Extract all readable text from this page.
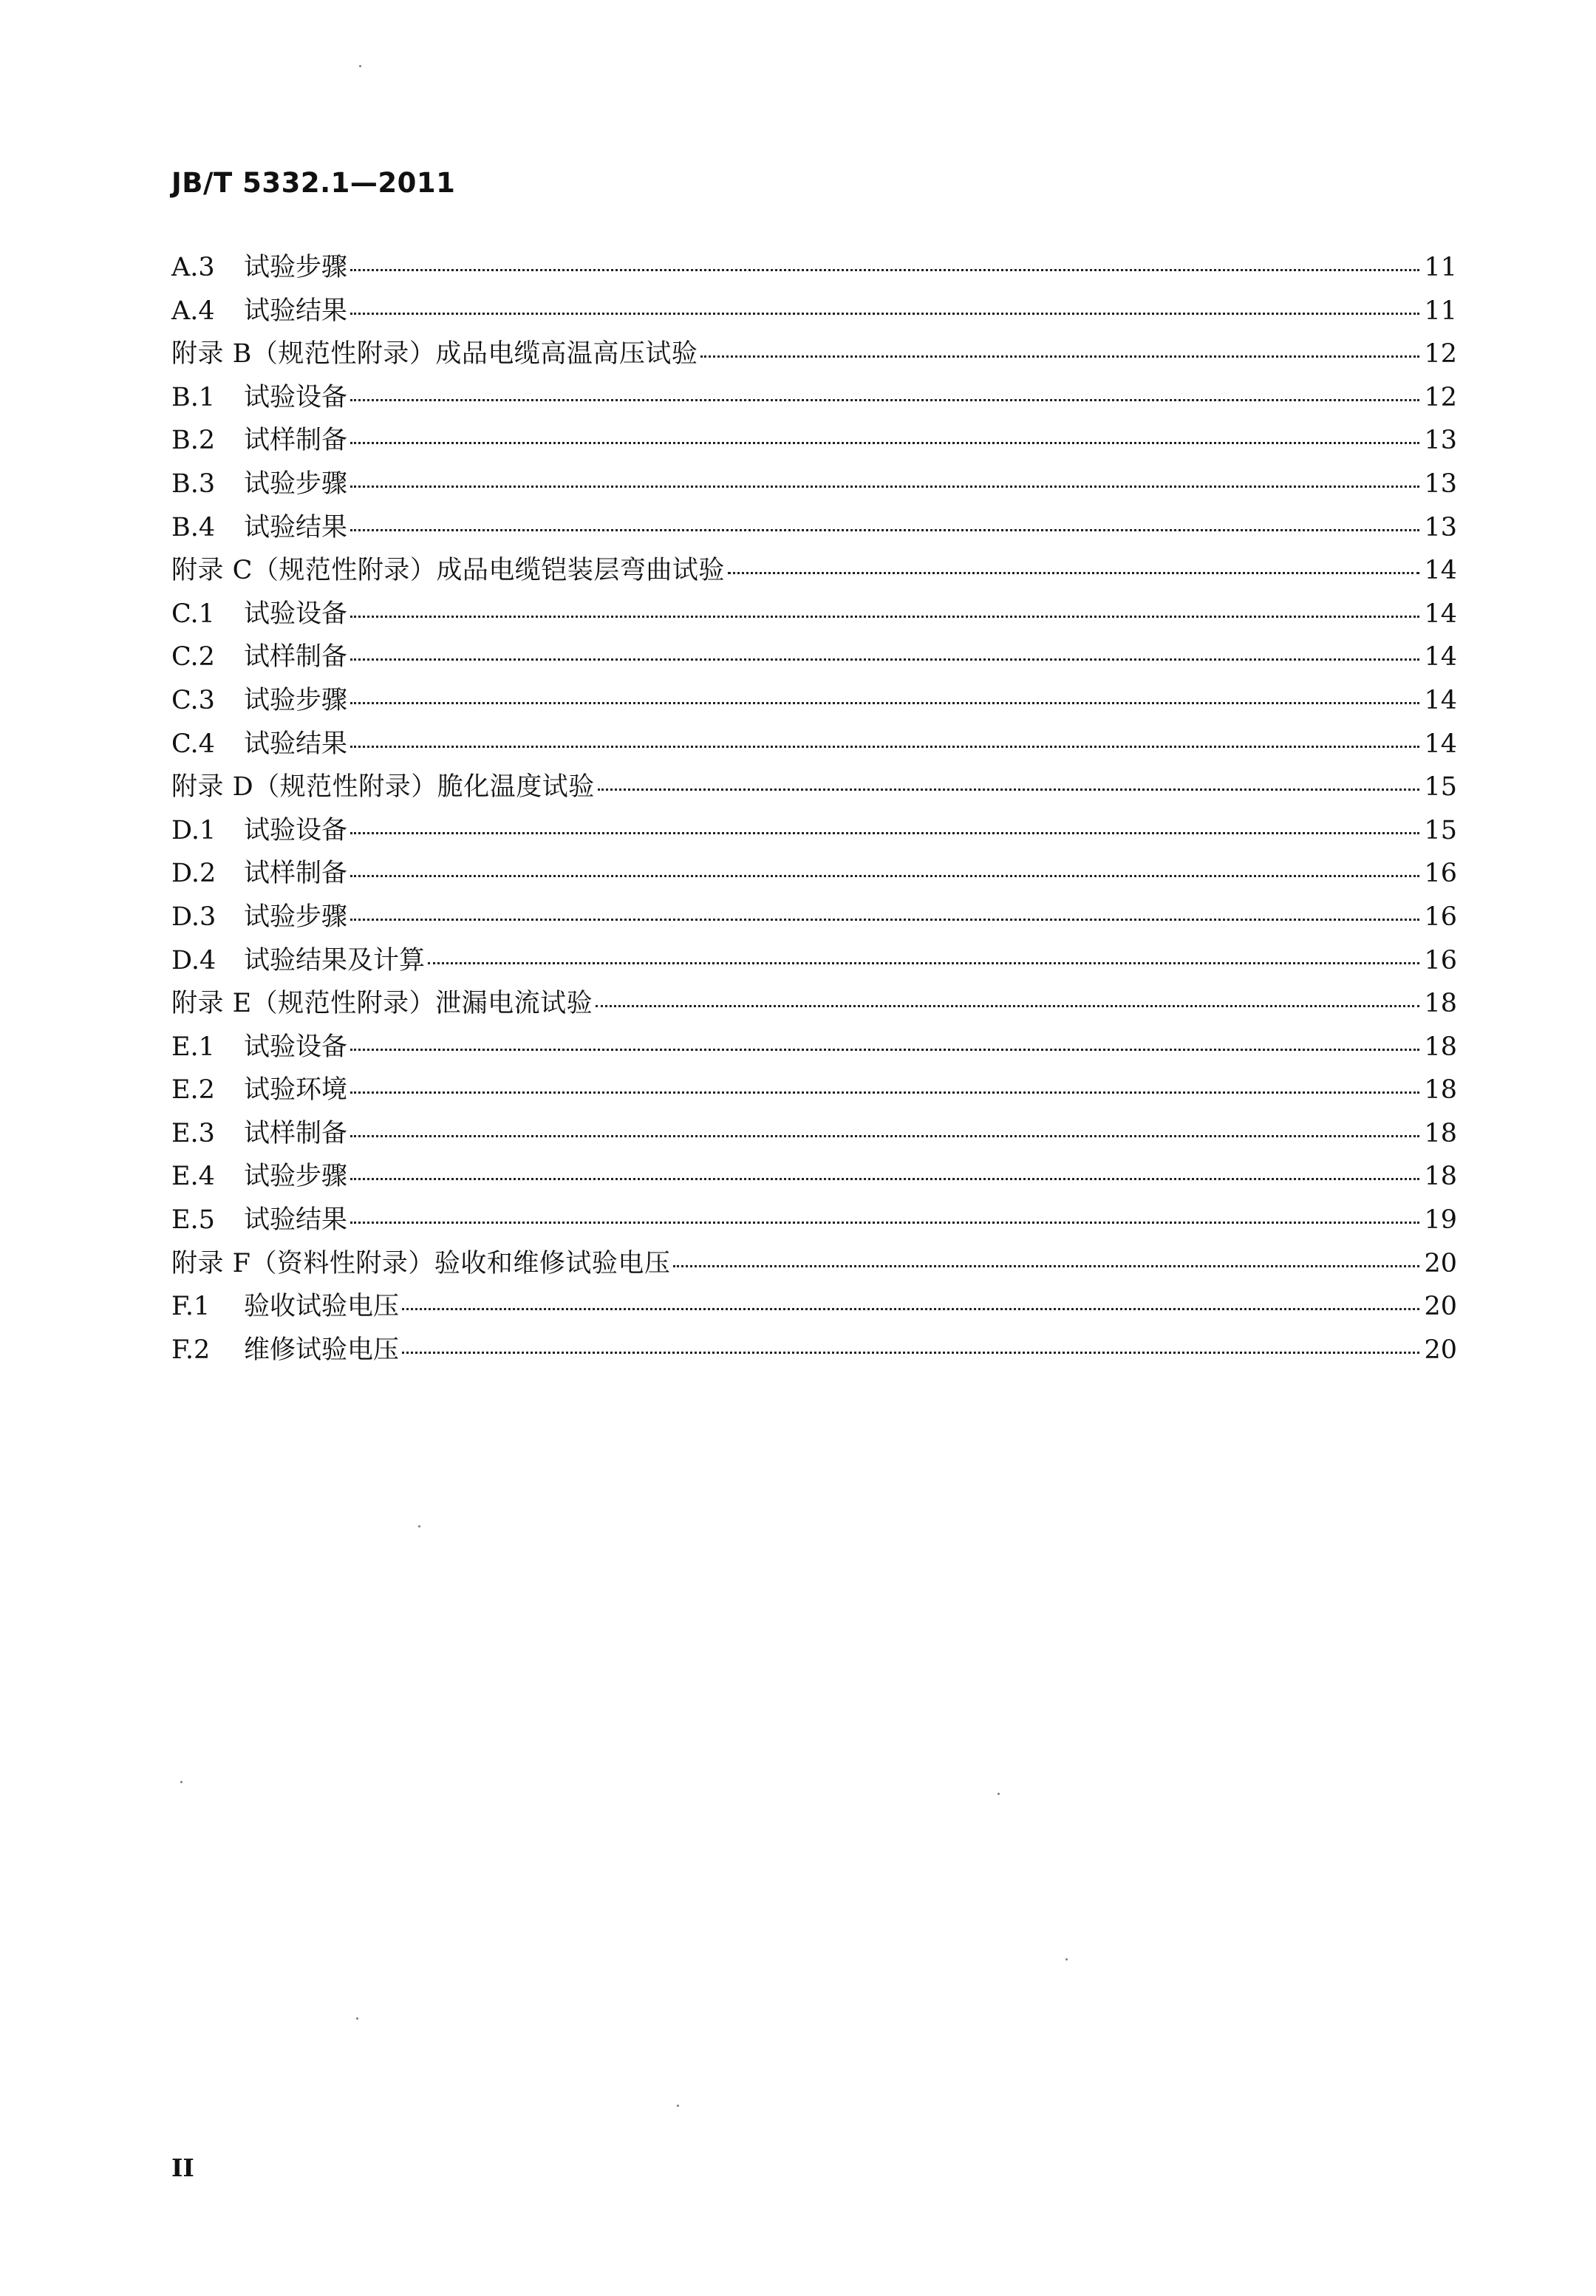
JB/T 5332.1—2011
A.3	试验步骤	11
A.4	试验结果	11
附录 B（规范性附录）成品电缆高温高压试验	12
B.1	试验设备	12
B.2	试样制备	13
B.3	试验步骤	13
B.4	试验结果	13
附录 C（规范性附录）成品电缆铠装层弯曲试验	14
C.1	试验设备	14
C.2	试样制备	14
C.3	试验步骤	14
C.4	试验结果	14
附录 D（规范性附录）脆化温度试验	15
D.1	试验设备	15
D.2	试样制备	16
D.3	试验步骤	16
D.4	试验结果及计算	16
附录 E（规范性附录）泄漏电流试验	18
E.1	试验设备	18
E.2	试验环境	18
E.3	试样制备	18
E.4	试验步骤	18
E.5	试验结果	19
附录 F（资料性附录）验收和维修试验电压	20
F.1	验收试验电压	20
F.2	维修试验电压	20
II
